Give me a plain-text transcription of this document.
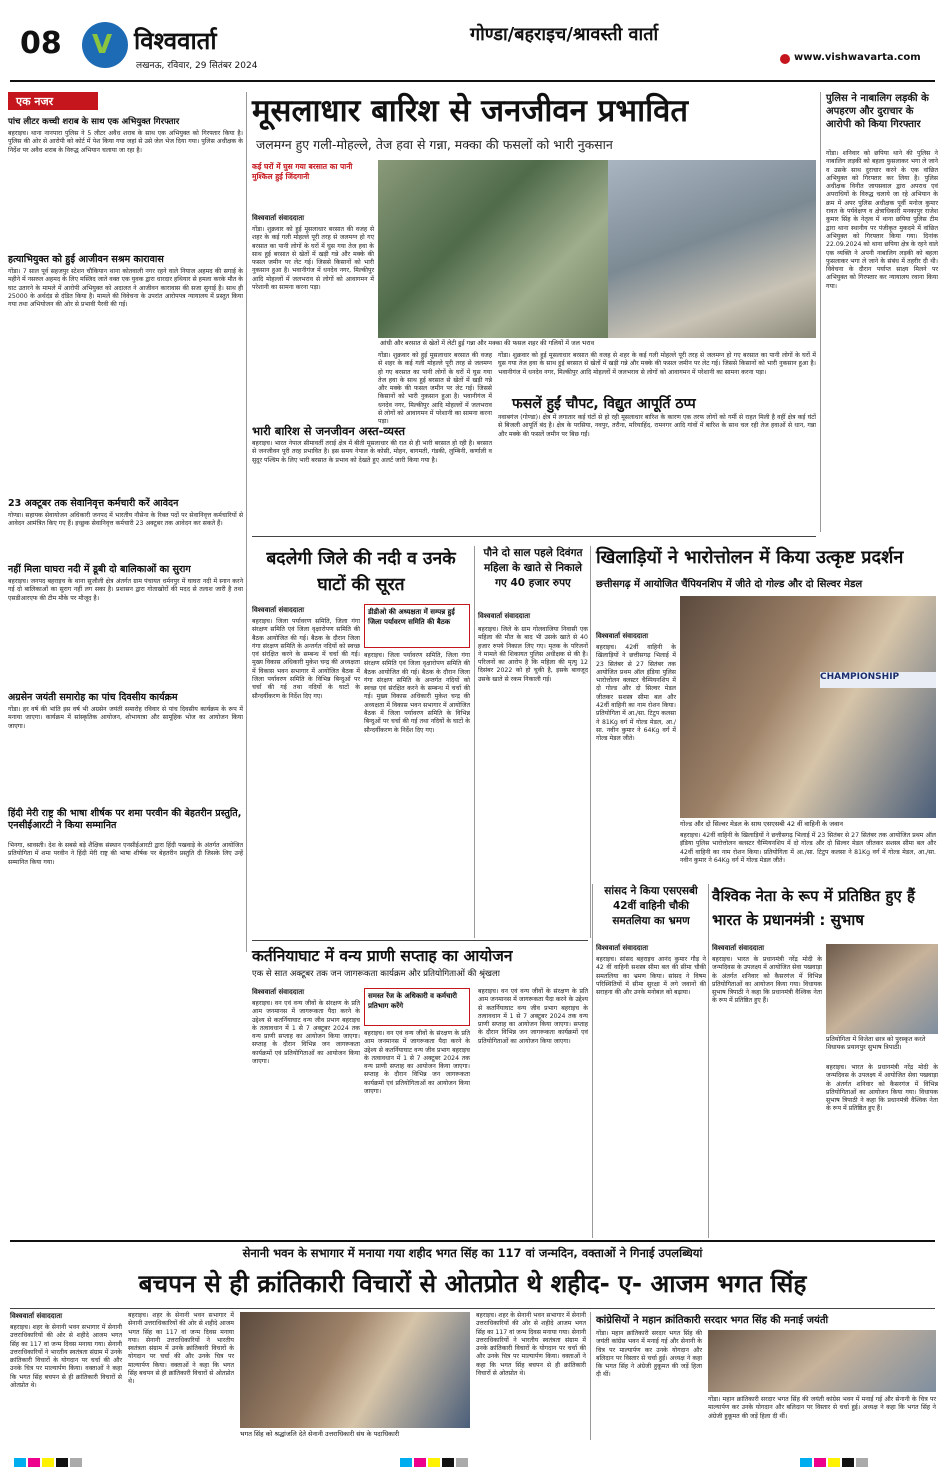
08	V विश्ववार्ता
लखनऊ, रविवार, 29 सितंबर 2024
गोण्डा/बहराइच/श्रावस्ती वार्ता
www.vishwavarta.com
एक नजर
पांच लीटर कच्ची शराब के साथ एक अभियुक्त गिरफ्तार
बहराइच। थाना नानपारा पुलिस ने 5 लीटर अवैध शराब के साथ एक अभियुक्त को गिरफ्तार किया है। पुलिस की ओर से आरोपी को कोर्ट में पेश किया गया जहां से उसे जेल भेज दिया गया। पुलिस अधीक्षक के निर्देश पर अवैध शराब के विरुद्ध अभियान चलाया जा रहा है।
हत्याभियुक्त को हुई आजीवन सश्रम कारावास
गोंडा। 7 साल पूर्व सहजपुर स्टेशन चौकियान थाना कोतवाली नगर रहने वाले नियाज अहमद की सगाई के महीने में नसरुल अहमद के लिए मस्जिद जाते वक्त एक युवक द्वारा धारदार हथियार से हमला करके मौत के घाट उतारने के मामले में आरोपी अभियुक्त को अदालत ने आजीवन कारावास की सजा सुनाई है। साथ ही 25000 के अर्थदंड से दंडित किया है। मामले की विवेचना के उपरांत आरोपपत्र न्यायालय में प्रस्तुत किया गया तथा अभियोजन की ओर से प्रभावी पैरवी की गई।
23 अक्टूबर तक सेवानिवृत्त कर्मचारी करें आवेदन
गोण्डा। सहायक सेवायोजन अधिकारी जनपद में भारतीय नौसेना के रिक्त पदों पर सेवानिवृत्त कर्मचारियों से आवेदन आमंत्रित किए गए हैं। इच्छुक सेवानिवृत्त कर्मचारी 23 अक्टूबर तक आवेदन कर सकते हैं।
नहीं मिला घाघरा नदी में डूबी दो बालिकाओं का सुराग
बहराइच। जनपद बहराइच के थाना सुजौली क्षेत्र अंतर्गत ग्राम पंचायत धर्मनपुर में घाघरा नदी में स्नान करने गई दो बालिकाओं का सुराग नहीं लग सका है। प्रशासन द्वारा गोताखोरों की मदद से तलाश जारी है तथा एसडीआरएफ की टीम मौके पर मौजूद है।
अग्रसेन जयंती समारोह का पांच दिवसीय कार्यक्रम
गोंडा। हर वर्ष की भांति इस वर्ष भी अग्रसेन जयंती समारोह रविवार से पांच दिवसीय कार्यक्रम के रूप में मनाया जाएगा। कार्यक्रम में सांस्कृतिक आयोजन, शोभायात्रा और सामूहिक भोज का आयोजन किया जाएगा।
हिंदी मेरी राष्ट्र की भाषा शीर्षक पर शमा परवीन की बेहतरीन प्रस्तुति, एनसीईआरटी ने किया सम्मानित
भिनगा, श्रावस्ती। देश के सबसे बड़े शैक्षिक संस्थान एनसीईआरटी द्वारा हिंदी पखवाड़े के अंतर्गत आयोजित प्रतियोगिता में शमा परवीन ने हिंदी मेरी राष्ट्र की भाषा शीर्षक पर बेहतरीन प्रस्तुति दी जिसके लिए उन्हें सम्मानित किया गया।
मूसलाधार बारिश से जनजीवन प्रभावित
जलमग्न हुए गली-मोहल्ले, तेज हवा से गन्ना, मक्का की फसलों को भारी नुकसान
कई घरों में घुस गया बरसात का पानी मुश्किल हुई जिंदगानी
आंधी और बरसात से खेतों में लेटी हुई गन्ना और मक्का की फसल शहर की गलियों में जल भराव
विश्ववार्ता संवाददाता
गोंडा। शुक्रवार को हुई मूसलाधार बरसात की वजह से शहर के कई गली मोहल्ले पूरी तरह से जलमग्न हो गए बरसात का पानी लोगों के घरों में घुस गया तेज हवा के साथ हुई बरसात से खेतों में खड़ी गन्ने और मक्के की फसल जमीन पर लेट गई। जिससे किसानों को भारी नुकसान हुआ है। भवानीगंज में धनदेव नगर, मिल्कीपुर आदि मोहल्लों में जलभराव से लोगों को आवागमन में परेशानी का सामना करना पड़ा।
गोंडा। शुक्रवार को हुई मूसलाधार बरसात की वजह से शहर के कई गली मोहल्ले पूरी तरह से जलमग्न हो गए बरसात का पानी लोगों के घरों में घुस गया तेज हवा के साथ हुई बरसात से खेतों में खड़ी गन्ने और मक्के की फसल जमीन पर लेट गई। जिससे किसानों को भारी नुकसान हुआ है। भवानीगंज में धनदेव नगर, मिल्कीपुर आदि मोहल्लों में जलभराव से लोगों को आवागमन में परेशानी का सामना करना पड़ा।
गोंडा। शुक्रवार को हुई मूसलाधार बरसात की वजह से शहर के कई गली मोहल्ले पूरी तरह से जलमग्न हो गए बरसात का पानी लोगों के घरों में घुस गया तेज हवा के साथ हुई बरसात से खेतों में खड़ी गन्ने और मक्के की फसल जमीन पर लेट गई। जिससे किसानों को भारी नुकसान हुआ है। भवानीगंज में धनदेव नगर, मिल्कीपुर आदि मोहल्लों में जलभराव से लोगों को आवागमन में परेशानी का सामना करना पड़ा।
भारी बारिश से जनजीवन अस्त-व्यस्त
बहराइच। भारत नेपाल सीमावर्ती तराई क्षेत्र में बीती मूसलाधार की रात से ही भारी बरसात हो रही है। बरसात से जनजीवन पूरी तरह प्रभावित है। इस समय नेपाल के कोसी, मोहन, बागमती, गंडकी, लुम्बिनी, कर्णाली व सुदूर पश्चिम के लिए भारी बरसात के प्रभाव को देखते हुए अलर्ट जारी किया गया है।
फसलें हुईं चौपट, विद्युत आपूर्ति ठप्प
नवाबगंज (गोण्डा)। क्षेत्र में लगातार कई घंटों से हो रही मूसलाधार बारिश के कारण एक तरफ लोगों को गर्मी से राहत मिली है वहीं क्षेत्र कई घंटों से बिजली आपूर्ति बंद है। क्षेत्र के परसिया, नवपुर, तरौना, मरियाहिंद, रामनगर आदि गांवों में बारिश के साथ चल रही तेज हवाओं से धान, गन्ना और मक्के की फसलें जमीन पर बिछ गईं।
पुलिस ने नाबालिग लड़की के अपहरण और दुराचार के आरोपी को किया गिरफ्तार
गोंडा। शनिवार को छपिया थाने की पुलिस ने नाबालिग लड़की को बहला फुसलाकर भगा ले जाने व उसके साथ दुराचार करने के एक वांछित अभियुक्त को गिरफ्तार कर लिया है। पुलिस अधीक्षक विनीत जायसवाल द्वारा अपराध एवं अपराधियों के विरुद्ध चलाये जा रहे अभियान के क्रम में अपर पुलिस अधीक्षक पूर्वी मनोज कुमार रावत के पर्यवेक्षण व क्षेत्राधिकारी मनकापुर राजेश कुमार सिंह के नेतृत्व में थाना छपिया पुलिस टीम द्वारा थाना स्थानीय पर पंजीकृत मुकदमे में वांछित अभियुक्त को गिरफ्तार किया गया। दिनांक 22.09.2024 को थाना छपिया क्षेत्र के रहने वाले एक व्यक्ति ने अपनी नाबालिग लड़की को बहला फुसलाकर भगा ले जाने के संबंध में तहरीर दी थी। विवेचना के दौरान पर्याप्त साक्ष्य मिलने पर अभियुक्त को गिरफ्तार कर न्यायालय रवाना किया गया।
बदलेगी जिले की नदी व उनके घाटों की सूरत
विश्ववार्ता संवाददाता	डीडीओ की अध्यक्षता में सम्पन्न हुई जिला पर्यावरण समिति की बैठक
बहराइच। जिला पर्यावरण समिति, जिला गंगा संरक्षण समिति एवं जिला वृक्षारोपण समिति की बैठक आयोजित की गई। बैठक के दौरान जिला गंगा संरक्षण समिति के अन्तर्गत नदियों को स्वच्छ एवं संरक्षित करने के सम्बन्ध में चर्चा की गई। मुख्य विकास अधिकारी मुकेश चन्द्र की अध्यक्षता में विकास भवन सभागार में आयोजित बैठक में जिला पर्यावरण समिति के विभिन्न बिन्दुओं पर चर्चा की गई तथा नदियों के घाटों के सौन्दर्यीकरण के निर्देश दिए गए।
बहराइच। जिला पर्यावरण समिति, जिला गंगा संरक्षण समिति एवं जिला वृक्षारोपण समिति की बैठक आयोजित की गई। बैठक के दौरान जिला गंगा संरक्षण समिति के अन्तर्गत नदियों को स्वच्छ एवं संरक्षित करने के सम्बन्ध में चर्चा की गई। मुख्य विकास अधिकारी मुकेश चन्द्र की अध्यक्षता में विकास भवन सभागार में आयोजित बैठक में जिला पर्यावरण समिति के विभिन्न बिन्दुओं पर चर्चा की गई तथा नदियों के घाटों के सौन्दर्यीकरण के निर्देश दिए गए।
पौने दो साल पहले दिवंगत महिला के खाते से निकाले गए 40 हजार रुपए
विश्ववार्ता संवाददाता
बहराइच। जिले के ग्राम गोलवाजिया निवासी एक महिला की मौत के बाद भी उसके खाते से 40 हजार रुपये निकाल लिए गए। मृतक के परिजनों ने मामले की शिकायत पुलिस अधीक्षक से की है। परिजनों का आरोप है कि महिला की मृत्यु 12 दिसंबर 2022 को हो चुकी है, इसके बावजूद उसके खाते से रकम निकाली गई।
खिलाड़ियों ने भारोत्तोलन में किया उत्कृष्ट प्रदर्शन
छत्तीसगढ़ में आयोजित चैंपियनशिप में जीते दो गोल्ड और दो सिल्वर मेडल
विश्ववार्ता संवाददाता
बहराइच। 42वीं वाहिनी के खिलाड़ियों ने छत्तीसगढ़ भिलाई में 23 सितंबर से 27 सितंबर तक आयोजित प्रथम ऑल इंडिया पुलिस भारोत्तोलन क्लस्टर चैम्पियनशिप में दो गोल्ड और दो सिल्वर मेडल जीतकर सशस्त्र सीमा बल और 42वीं वाहिनी का नाम रोशन किया। प्रतियोगिता में आ./सा. टिटुप कलसा ने 81Kg वर्ग में गोल्ड मेडल, आ./सा. नवीन कुमार ने 64Kg वर्ग में गोल्ड मेडल जीते।
CHAMPIONSHIP
गोल्ड और दो सिल्वर मेडल के साथ एसएसबी 42 वीं वाहिनी के जवान
बहराइच। 42वीं वाहिनी के खिलाड़ियों ने छत्तीसगढ़ भिलाई में 23 सितंबर से 27 सितंबर तक आयोजित प्रथम ऑल इंडिया पुलिस भारोत्तोलन क्लस्टर चैम्पियनशिप में दो गोल्ड और दो सिल्वर मेडल जीतकर सशस्त्र सीमा बल और 42वीं वाहिनी का नाम रोशन किया। प्रतियोगिता में आ./सा. टिटुप कलसा ने 81Kg वर्ग में गोल्ड मेडल, आ./सा. नवीन कुमार ने 64Kg वर्ग में गोल्ड मेडल जीते।
कर्तनियाघाट में वन्य प्राणी सप्ताह का आयोजन
एक से सात अक्टूबर तक जन जागरूकता कार्यक्रम और प्रतियोगिताओं की श्रृंखला
विश्ववार्ता संवाददाता
बहराइच। वन एवं वन्य जीवों के संरक्षण के प्रति आम जनमानस में जागरूकता पैदा करने के उद्देश्य से कतर्नियाघाट वन्य जीव प्रभाग बहराइच के तत्वावधान में 1 से 7 अक्टूबर 2024 तक वन्य प्राणी सप्ताह का आयोजन किया जाएगा। सप्ताह के दौरान विभिन्न जन जागरूकता कार्यक्रमों एवं प्रतियोगिताओं का आयोजन किया जाएगा।
समस्त रेंज के अधिकारी व कर्मचारी प्रतिभाग करेंगे
बहराइच। वन एवं वन्य जीवों के संरक्षण के प्रति आम जनमानस में जागरूकता पैदा करने के उद्देश्य से कतर्नियाघाट वन्य जीव प्रभाग बहराइच के तत्वावधान में 1 से 7 अक्टूबर 2024 तक वन्य प्राणी सप्ताह का आयोजन किया जाएगा। सप्ताह के दौरान विभिन्न जन जागरूकता कार्यक्रमों एवं प्रतियोगिताओं का आयोजन किया जाएगा।
बहराइच। वन एवं वन्य जीवों के संरक्षण के प्रति आम जनमानस में जागरूकता पैदा करने के उद्देश्य से कतर्नियाघाट वन्य जीव प्रभाग बहराइच के तत्वावधान में 1 से 7 अक्टूबर 2024 तक वन्य प्राणी सप्ताह का आयोजन किया जाएगा। सप्ताह के दौरान विभिन्न जन जागरूकता कार्यक्रमों एवं प्रतियोगिताओं का आयोजन किया जाएगा।
सांसद ने किया एसएसबी 42वीं वाहिनी चौकी समतलिया का भ्रमण
विश्ववार्ता संवाददाता
बहराइच। सांसद बहराइच आनंद कुमार गौड़ ने 42 वीं वाहिनी सशस्त्र सीमा बल की सीमा चौकी समतलिया का भ्रमण किया। सांसद ने विषम परिस्थितियों में सीमा सुरक्षा में लगे जवानों की सराहना की और उनके मनोबल को बढ़ाया।
वैश्विक नेता के रूप में प्रतिष्ठित हुए हैं भारत के प्रधानमंत्री : सुभाष
विश्ववार्ता संवाददाता
प्रतियोगिता में विजेता छात्र को पुरस्कृत करते विधायक प्रयागपुर सुभाष त्रिपाठी।
बहराइच। भारत के प्रधानमंत्री नरेंद्र मोदी के जन्मदिवस के उपलक्ष्य में आयोजित सेवा पखवाड़ा के अंतर्गत शनिवार को कैसरगंज में विभिन्न प्रतियोगिताओं का आयोजन किया गया। विधायक सुभाष त्रिपाठी ने कहा कि प्रधानमंत्री वैश्विक नेता के रूप में प्रतिष्ठित हुए हैं।
बहराइच। भारत के प्रधानमंत्री नरेंद्र मोदी के जन्मदिवस के उपलक्ष्य में आयोजित सेवा पखवाड़ा के अंतर्गत शनिवार को कैसरगंज में विभिन्न प्रतियोगिताओं का आयोजन किया गया। विधायक सुभाष त्रिपाठी ने कहा कि प्रधानमंत्री वैश्विक नेता के रूप में प्रतिष्ठित हुए हैं।
सेनानी भवन के सभागार में मनाया गया शहीद भगत सिंह का 117 वां जन्मदिन, वक्ताओं ने गिनाई उपलब्धियां
बचपन से ही क्रांतिकारी विचारों से ओतप्रोत थे शहीद- ए- आजम भगत सिंह
विश्ववार्ता संवाददाता
बहराइच। शहर के सेनानी भवन सभागार में सेनानी उत्तराधिकारियों की ओर से शहीदे आजम भगत सिंह का 117 वां जन्म दिवस मनाया गया। सेनानी उत्तराधिकारियों ने भारतीय स्वतंत्रता संग्राम में उनके क्रांतिकारी विचारों के योगदान पर चर्चा की और उनके चित्र पर माल्यार्पण किया। वक्ताओं ने कहा कि भगत सिंह बचपन से ही क्रांतिकारी विचारों से ओतप्रोत थे।
बहराइच। शहर के सेनानी भवन सभागार में सेनानी उत्तराधिकारियों की ओर से शहीदे आजम भगत सिंह का 117 वां जन्म दिवस मनाया गया। सेनानी उत्तराधिकारियों ने भारतीय स्वतंत्रता संग्राम में उनके क्रांतिकारी विचारों के योगदान पर चर्चा की और उनके चित्र पर माल्यार्पण किया। वक्ताओं ने कहा कि भगत सिंह बचपन से ही क्रांतिकारी विचारों से ओतप्रोत थे।
भगत सिंह को श्रद्धांजलि देते सेनानी उत्तराधिकारी संघ के पदाधिकारी
बहराइच। शहर के सेनानी भवन सभागार में सेनानी उत्तराधिकारियों की ओर से शहीदे आजम भगत सिंह का 117 वां जन्म दिवस मनाया गया। सेनानी उत्तराधिकारियों ने भारतीय स्वतंत्रता संग्राम में उनके क्रांतिकारी विचारों के योगदान पर चर्चा की और उनके चित्र पर माल्यार्पण किया। वक्ताओं ने कहा कि भगत सिंह बचपन से ही क्रांतिकारी विचारों से ओतप्रोत थे।
कांग्रेसियों ने महान क्रांतिकारी सरदार भगत सिंह की मनाई जयंती
गोंडा। महान क्रांतिकारी सरदार भगत सिंह की जयंती कांग्रेस भवन में मनाई गई और सेनानी के चित्र पर माल्यार्पण कर उनके योगदान और बलिदान पर विस्तार से चर्चा हुई। अध्यक्ष ने कहा कि भगत सिंह ने अंग्रेजी हुकूमत की जड़ें हिला दी थीं।
गोंडा। महान क्रांतिकारी सरदार भगत सिंह की जयंती कांग्रेस भवन में मनाई गई और सेनानी के चित्र पर माल्यार्पण कर उनके योगदान और बलिदान पर विस्तार से चर्चा हुई। अध्यक्ष ने कहा कि भगत सिंह ने अंग्रेजी हुकूमत की जड़ें हिला दी थीं।
